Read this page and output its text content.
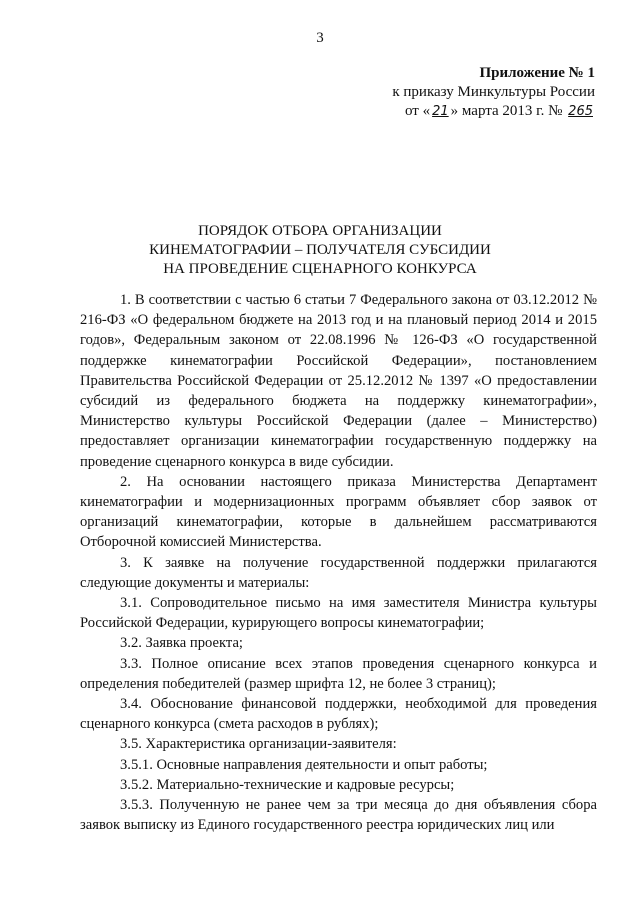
3
Приложение № 1
к приказу Минкультуры России
от « 21 » марта 2013 г. № 265
ПОРЯДОК ОТБОРА ОРГАНИЗАЦИИ
КИНЕМАТОГРАФИИ – ПОЛУЧАТЕЛЯ СУБСИДИИ
НА ПРОВЕДЕНИЕ СЦЕНАРНОГО КОНКУРСА

1. В соответствии с частью 6 статьи 7 Федерального закона от 03.12.2012 № 216-ФЗ «О федеральном бюджете на 2013 год и на плановый период 2014 и 2015 годов», Федеральным законом от 22.08.1996 № 126-ФЗ «О государственной поддержке кинематографии Российской Федерации», постановлением Правительства Российской Федерации от 25.12.2012 № 1397 «О предоставлении субсидий из федерального бюджета на поддержку кинематографии», Министерство культуры Российской Федерации (далее – Министерство) предоставляет организации кинематографии государственную поддержку на проведение сценарного конкурса в виде субсидии.

2. На основании настоящего приказа Министерства Департамент кинематографии и модернизационных программ объявляет сбор заявок от организаций кинематографии, которые в дальнейшем рассматриваются Отборочной комиссией Министерства.

3. К заявке на получение государственной поддержки прилагаются следующие документы и материалы:

3.1. Сопроводительное письмо на имя заместителя Министра культуры Российской Федерации, курирующего вопросы кинематографии;

3.2. Заявка проекта;

3.3. Полное описание всех этапов проведения сценарного конкурса и определения победителей (размер шрифта 12, не более 3 страниц);

3.4. Обоснование финансовой поддержки, необходимой для проведения сценарного конкурса (смета расходов в рублях);

3.5. Характеристика организации-заявителя:

3.5.1. Основные направления деятельности и опыт работы;

3.5.2. Материально-технические и кадровые ресурсы;

3.5.3. Полученную не ранее чем за три месяца до дня объявления сбора заявок выписку из Единого государственного реестра юридических лиц или
